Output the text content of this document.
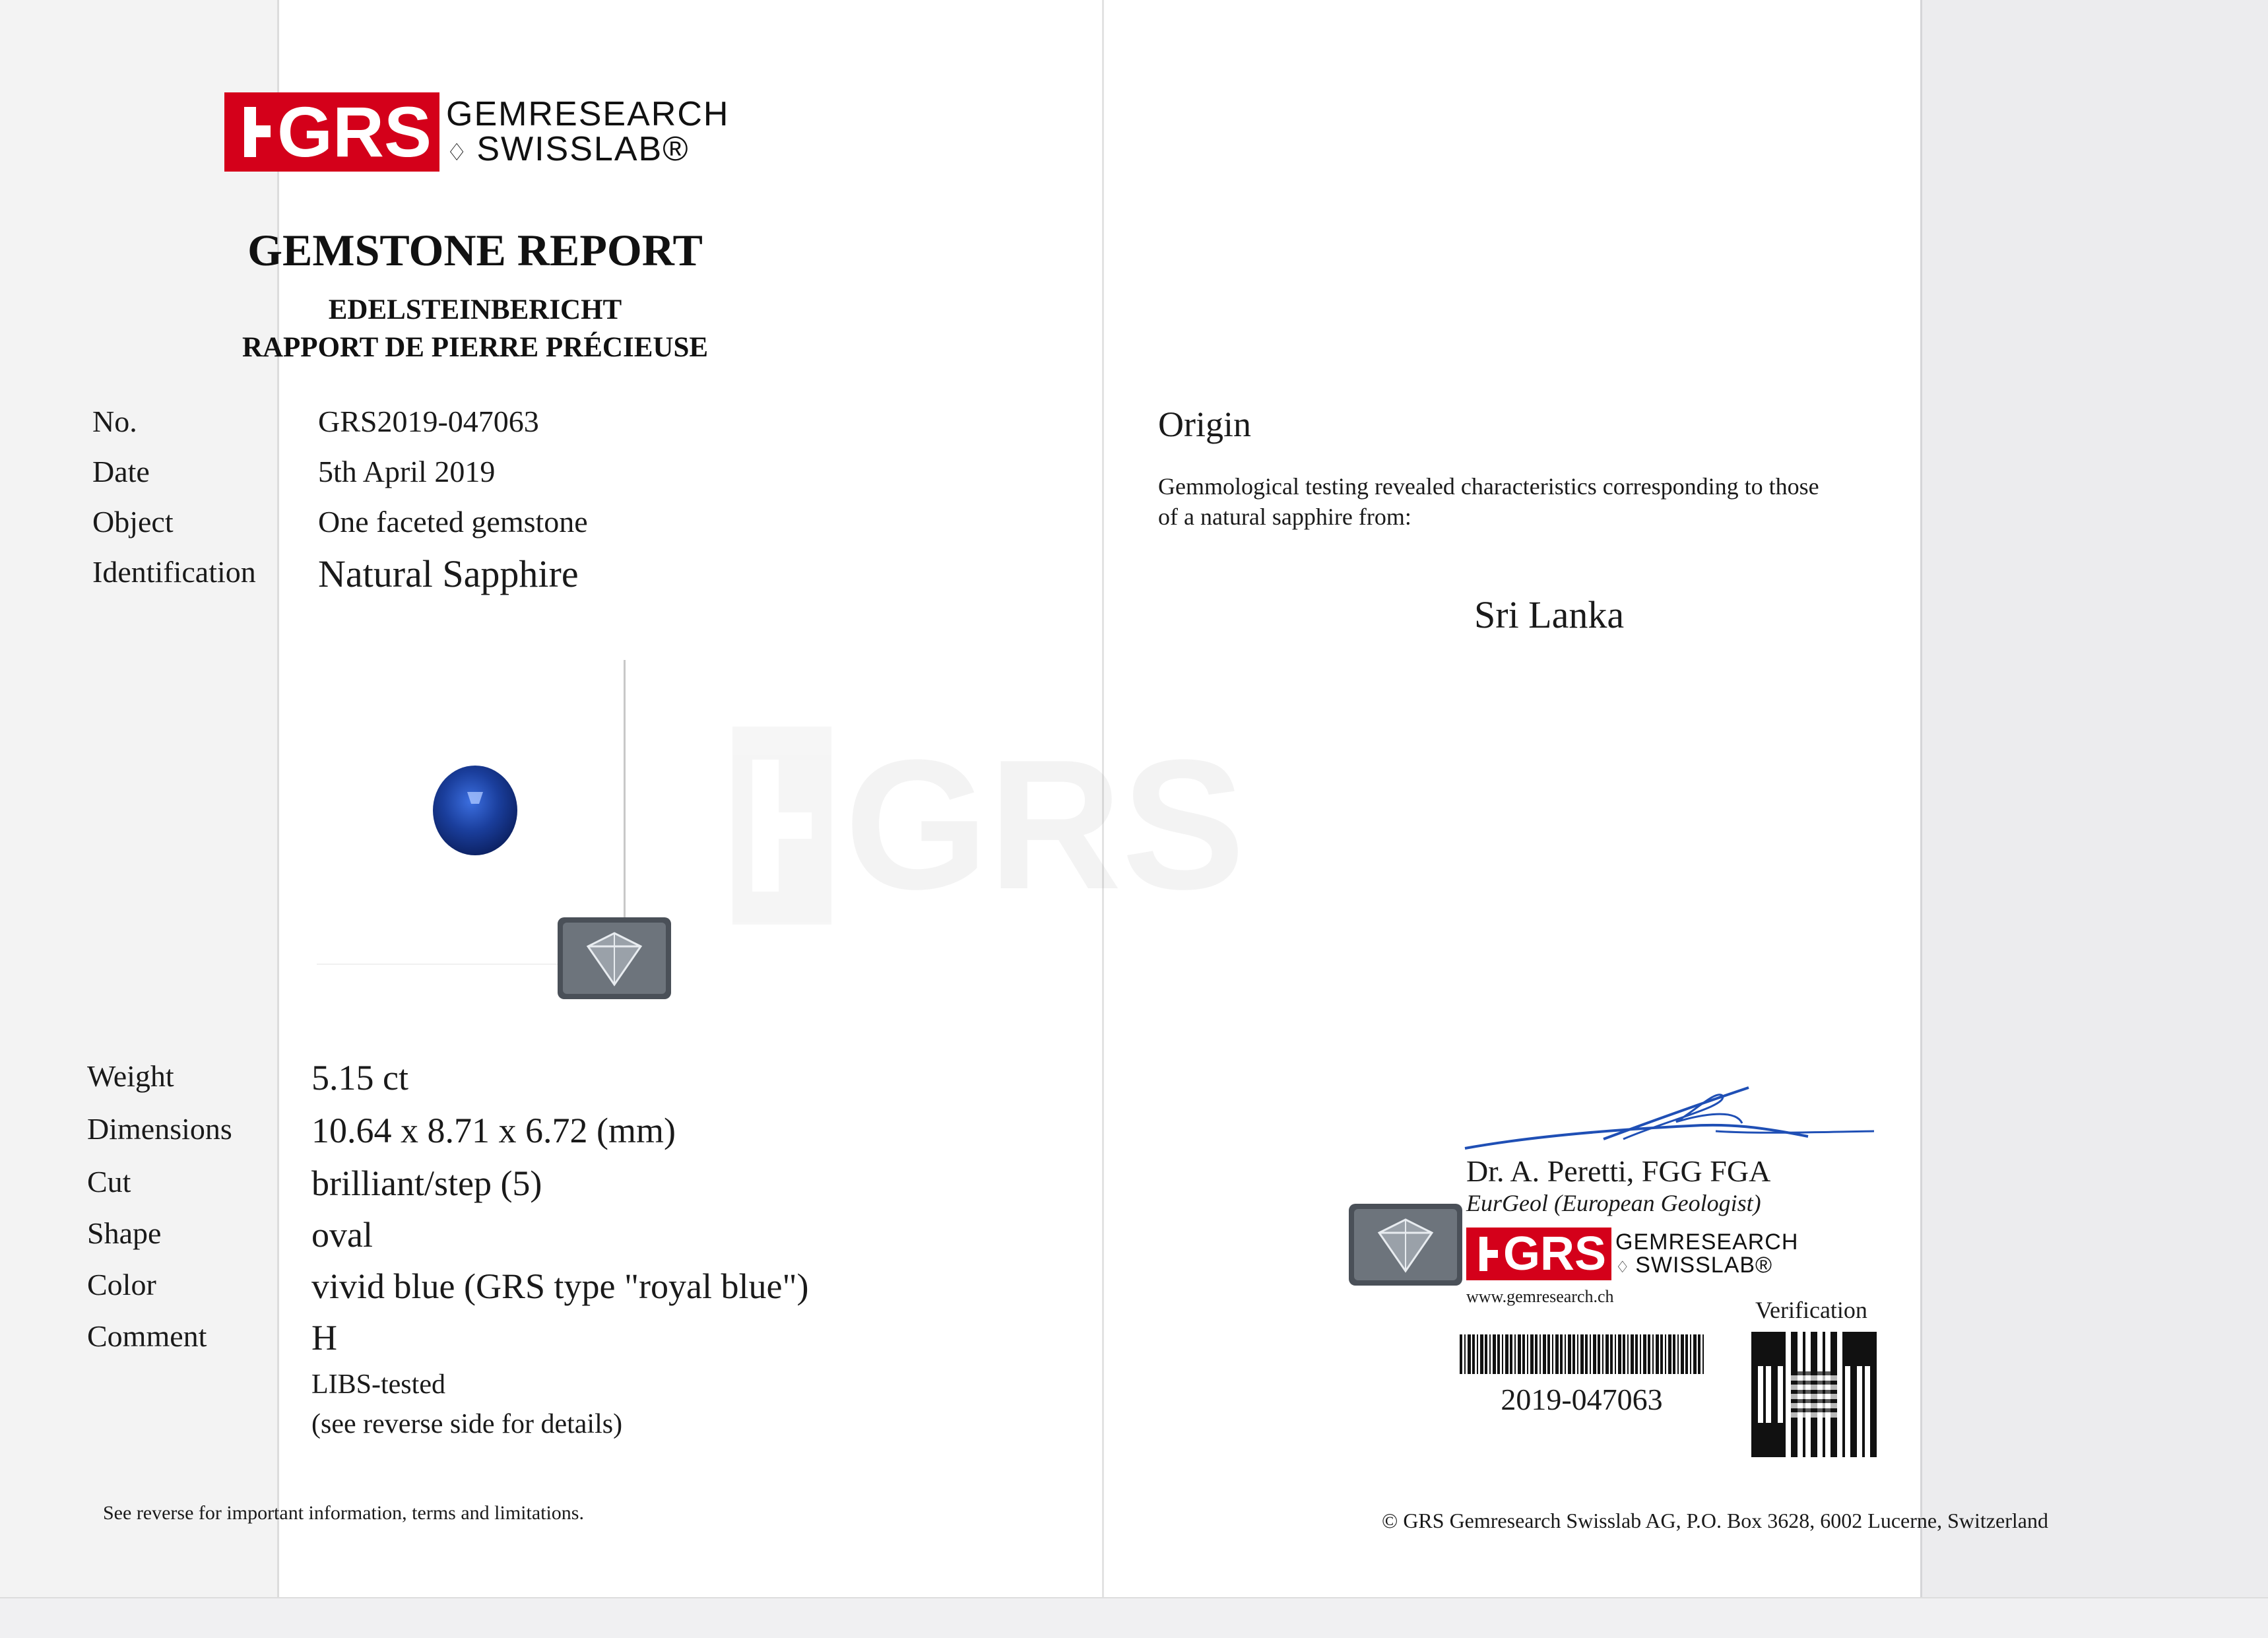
GRS
GRS GEMRESEARCH
♢ SWISSLAB®
GEMSTONE REPORT
EDELSTEINBERICHT
RAPPORT DE PIERRE PRÉCIEUSE
No.	GRS2019-047063
Date	5th April 2019
Object	One faceted gemstone
Identification Natural Sapphire
Weight	5.15 ct
Dimensions 10.64 x 8.71 x 6.72 (mm)
Cut	brilliant/step (5)
Shape	oval
Color	vivid blue (GRS type "royal blue")
Comment	H
LIBS-tested
(see reverse side for details)
See reverse for important information, terms and limitations.
Origin
Gemmological testing revealed characteristics corresponding to those
of a natural sapphire from:
Sri Lanka
Dr. A. Peretti, FGG FGA
EurGeol (European Geologist)
GRS GEMRESEARCH
♢ SWISSLAB®
www.gemresearch.ch
Verification
2019-047063
© GRS Gemresearch Swisslab AG, P.O. Box 3628, 6002 Lucerne, Switzerland
